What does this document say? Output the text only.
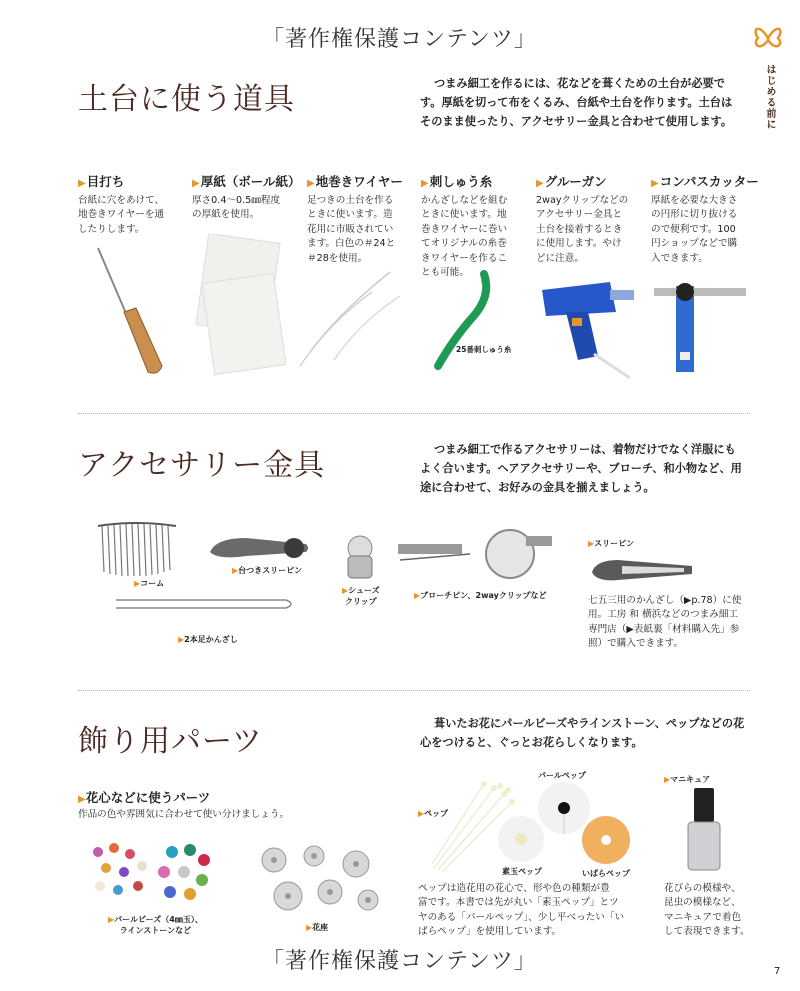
「著作権保護コンテンツ」
「著作権保護コンテンツ」
はじめる前に
土台に使う道具	つまみ細工を作るには、花などを葺くための土台が必要で
す。厚紙を切って布をくるみ、台紙や土台を作ります。土台は
そのまま使ったり、アクセサリー金具と合わせて使用します。
▶目打ち
台紙に穴をあけて、
地巻きワイヤーを通
したりします。
▶厚紙（ボール紙）
厚さ0.4～0.5㎜程度
の厚紙を使用。
▶地巻きワイヤー
足つきの土台を作る
ときに使います。造
花用に市販されてい
ます。白色の＃24と
＃28を使用。
▶刺しゅう糸
かんざしなどを組む
ときに使います。地
巻きワイヤーに巻い
てオリジナルの糸巻
きワイヤーを作るこ
とも可能。
▶グルーガン
2wayクリップなどの
アクセサリー金具と
土台を接着するとき
に使用します。やけ
どに注意。
▶コンパスカッター
厚紙を必要な大きさ
の円形に切り抜ける
ので便利です。100
円ショップなどで購
入できます。
25番刺しゅう糸
アクセサリー金具	つまみ細工で作るアクセサリーは、着物だけでなく洋服にも
よく合います。ヘアアクセサリーや、ブローチ、和小物など、用
途に合わせて、お好みの金具を揃えましょう。
▶コーム
▶台つきスリーピン
▶シューズ
クリップ
▶ブローチピン、2wayクリップなど
▶2本足かんざし
▶スリーピン
七五三用のかんざし（▶p.78）に使
用。工房 和 横浜などのつまみ細工
専門店（▶表紙裏「材料購入先」参
照）で購入できます。
飾り用パーツ
葺いたお花にパールビーズやラインストーン、ペップなどの花
心をつけると、ぐっとお花らしくなります。
▶花心などに使うパーツ
作品の色や雰囲気に合わせて使い分けましょう。
▶パールビーズ（4㎜玉）、
ラインストーンなど	▶花座
▶ペップ
パールペップ
素玉ペップ	いばらペップ
ペップは造花用の花心で、形や色の種類が豊
富です。本書では先が丸い「素玉ペップ」とツ
ヤのある「パールペップ」、少し平べったい「い
ばらペップ」を使用しています。
▶マニキュア
花びらの模様や、
昆虫の模様など、
マニキュアで着色
して表現できます。
7
